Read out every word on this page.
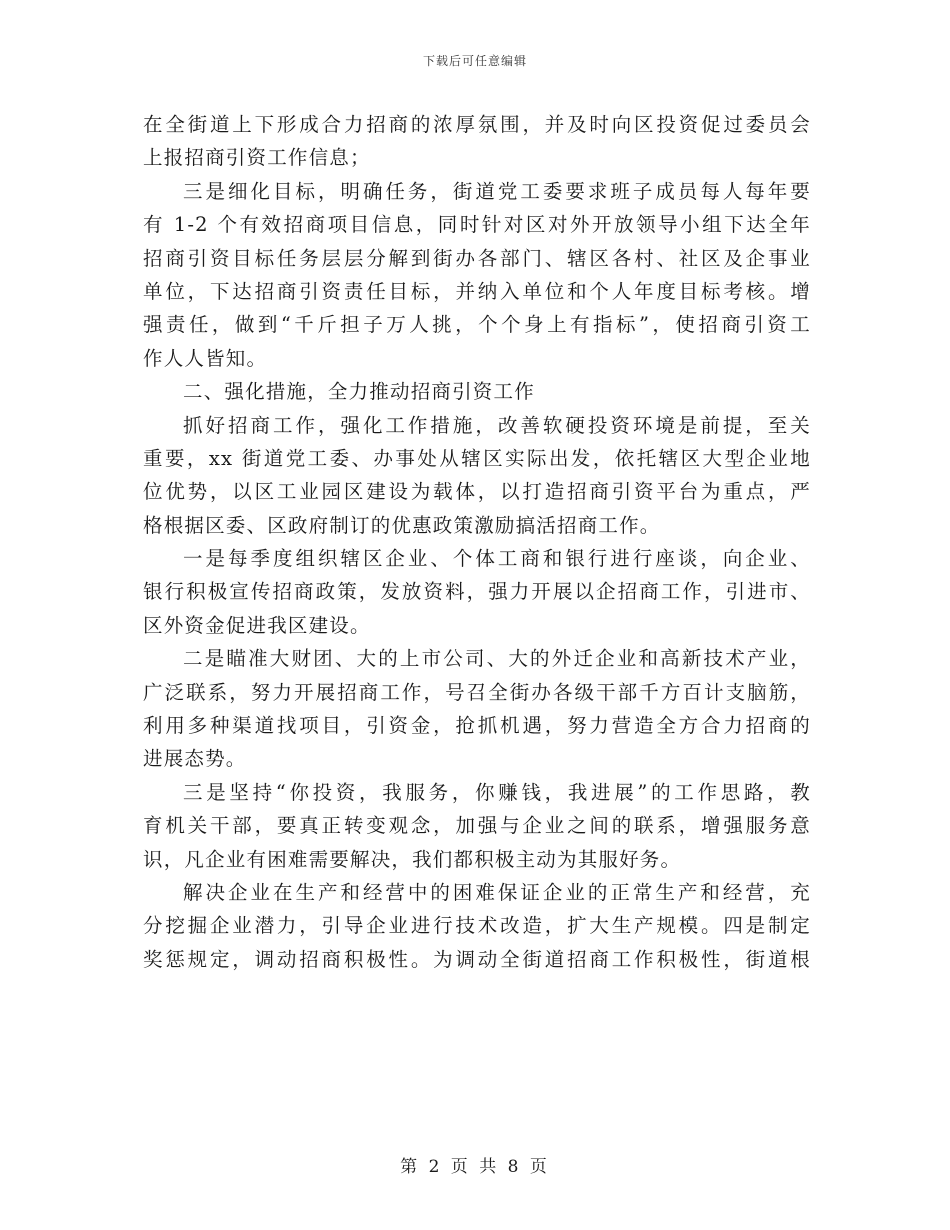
下载后可任意编辑
在全街道上下形成合力招商的浓厚氛围，并及时向区投资促过委员会
上报招商引资工作信息；
三是细化目标，明确任务，街道党工委要求班子成员每人每年要
有 1-2 个有效招商项目信息，同时针对区对外开放领导小组下达全年
招商引资目标任务层层分解到街办各部门、辖区各村、社区及企事业
单位，下达招商引资责任目标，并纳入单位和个人年度目标考核。增
强责任，做到“千斤担子万人挑，个个身上有指标”，使招商引资工
作人人皆知。
二、强化措施，全力推动招商引资工作
抓好招商工作，强化工作措施，改善软硬投资环境是前提，至关
重要，xx 街道党工委、办事处从辖区实际出发，依托辖区大型企业地
位优势，以区工业园区建设为载体，以打造招商引资平台为重点，严
格根据区委、区政府制订的优惠政策激励搞活招商工作。
一是每季度组织辖区企业、个体工商和银行进行座谈，向企业、
银行积极宣传招商政策，发放资料，强力开展以企招商工作，引进市、
区外资金促进我区建设。
二是瞄准大财团、大的上市公司、大的外迁企业和高新技术产业，
广泛联系，努力开展招商工作，号召全街办各级干部千方百计支脑筋，
利用多种渠道找项目，引资金，抢抓机遇，努力营造全方合力招商的
进展态势。
三是坚持“你投资，我服务，你赚钱，我进展”的工作思路，教
育机关干部，要真正转变观念，加强与企业之间的联系，增强服务意
识，凡企业有困难需要解决，我们都积极主动为其服好务。
解决企业在生产和经营中的困难保证企业的正常生产和经营，充
分挖掘企业潜力，引导企业进行技术改造，扩大生产规模。四是制定
奖惩规定，调动招商积极性。为调动全街道招商工作积极性，街道根
第 2 页 共 8 页
